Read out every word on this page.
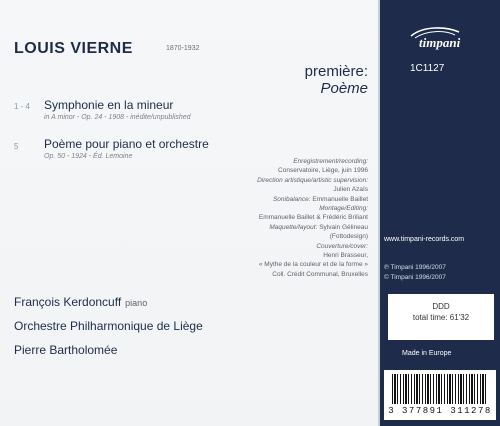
LOUIS VIERNE	1870-1932
première:
Poème
1 - 4 Symphonie en la mineur
in A minor - Op. 24 - 1908 - inédite/unpublished
5 Poème pour piano et orchestre
Op. 50 - 1924 - Éd. Lemoine
Enregistrement/recording:
Conservatoire, Liège, juin 1996
Direction artistique/artistic supervision:
Julien Azaïs
Sonibalance: Emmanuelle Baillet
Montage/Editing:
Emmanuelle Baillet & Frédéric Briliant
Maquette/layout: Sylvain Gélineau
(Fottodesign)
Couverture/cover:
Henri Brasseur,
« Mythe de la couleur et de la forme »
Coll. Crédit Communal, Bruxelles
François Kerdoncuff piano
Orchestre Philharmonique de Liège
Pierre Bartholomée
timpani
1C1127
www.timpani-records.com
℗ Timpani 1996/2007
© Timpani 1996/2007
DDD
total time: 61'32
Made in Europe
3 377891 311278
